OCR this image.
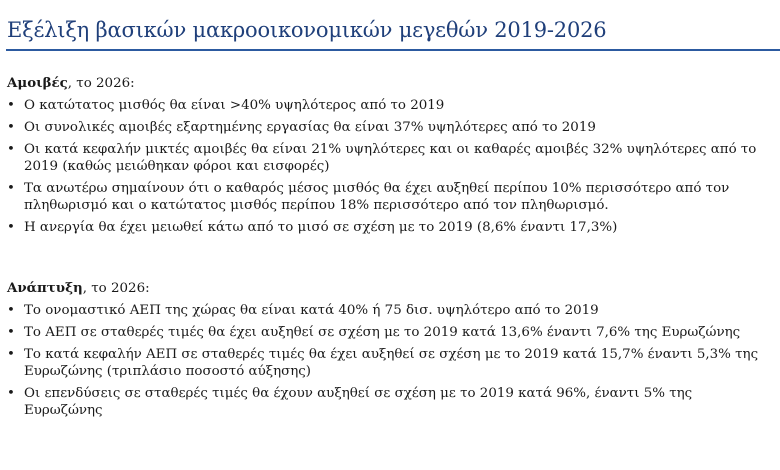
Εξέλιξη βασικών μακροοικονομικών μεγεθών 2019-2026
Αμοιβές, το 2026:
• Ο κατώτατος μισθός θα είναι >40% υψηλότερος από το 2019
• Οι συνολικές αμοιβές εξαρτημένης εργασίας θα είναι 37% υψηλότερες από το 2019
• Οι κατά κεφαλήν μικτές αμοιβές θα είναι 21% υψηλότερες και οι καθαρές αμοιβές 32% υψηλότερες από το
2019 (καθώς μειώθηκαν φόροι και εισφορές)
• Τα ανωτέρω σημαίνουν ότι ο καθαρός μέσος μισθός θα έχει αυξηθεί περίπου 10% περισσότερο από τον
πληθωρισμό και ο κατώτατος μισθός περίπου 18% περισσότερο από τον πληθωρισμό.
• Η ανεργία θα έχει μειωθεί κάτω από το μισό σε σχέση με το 2019 (8,6% έναντι 17,3%)
Ανάπτυξη, το 2026:
• Το ονομαστικό ΑΕΠ της χώρας θα είναι κατά 40% ή 75 δισ. υψηλότερο από το 2019
• Το ΑΕΠ σε σταθερές τιμές θα έχει αυξηθεί σε σχέση με το 2019 κατά 13,6% έναντι 7,6% της Ευρωζώνης
• Το κατά κεφαλήν ΑΕΠ σε σταθερές τιμές θα έχει αυξηθεί σε σχέση με το 2019 κατά 15,7% έναντι 5,3% της
Ευρωζώνης (τριπλάσιο ποσοστό αύξησης)
• Οι επενδύσεις σε σταθερές τιμές θα έχουν αυξηθεί σε σχέση με το 2019 κατά 96%, έναντι 5% της
Ευρωζώνης
